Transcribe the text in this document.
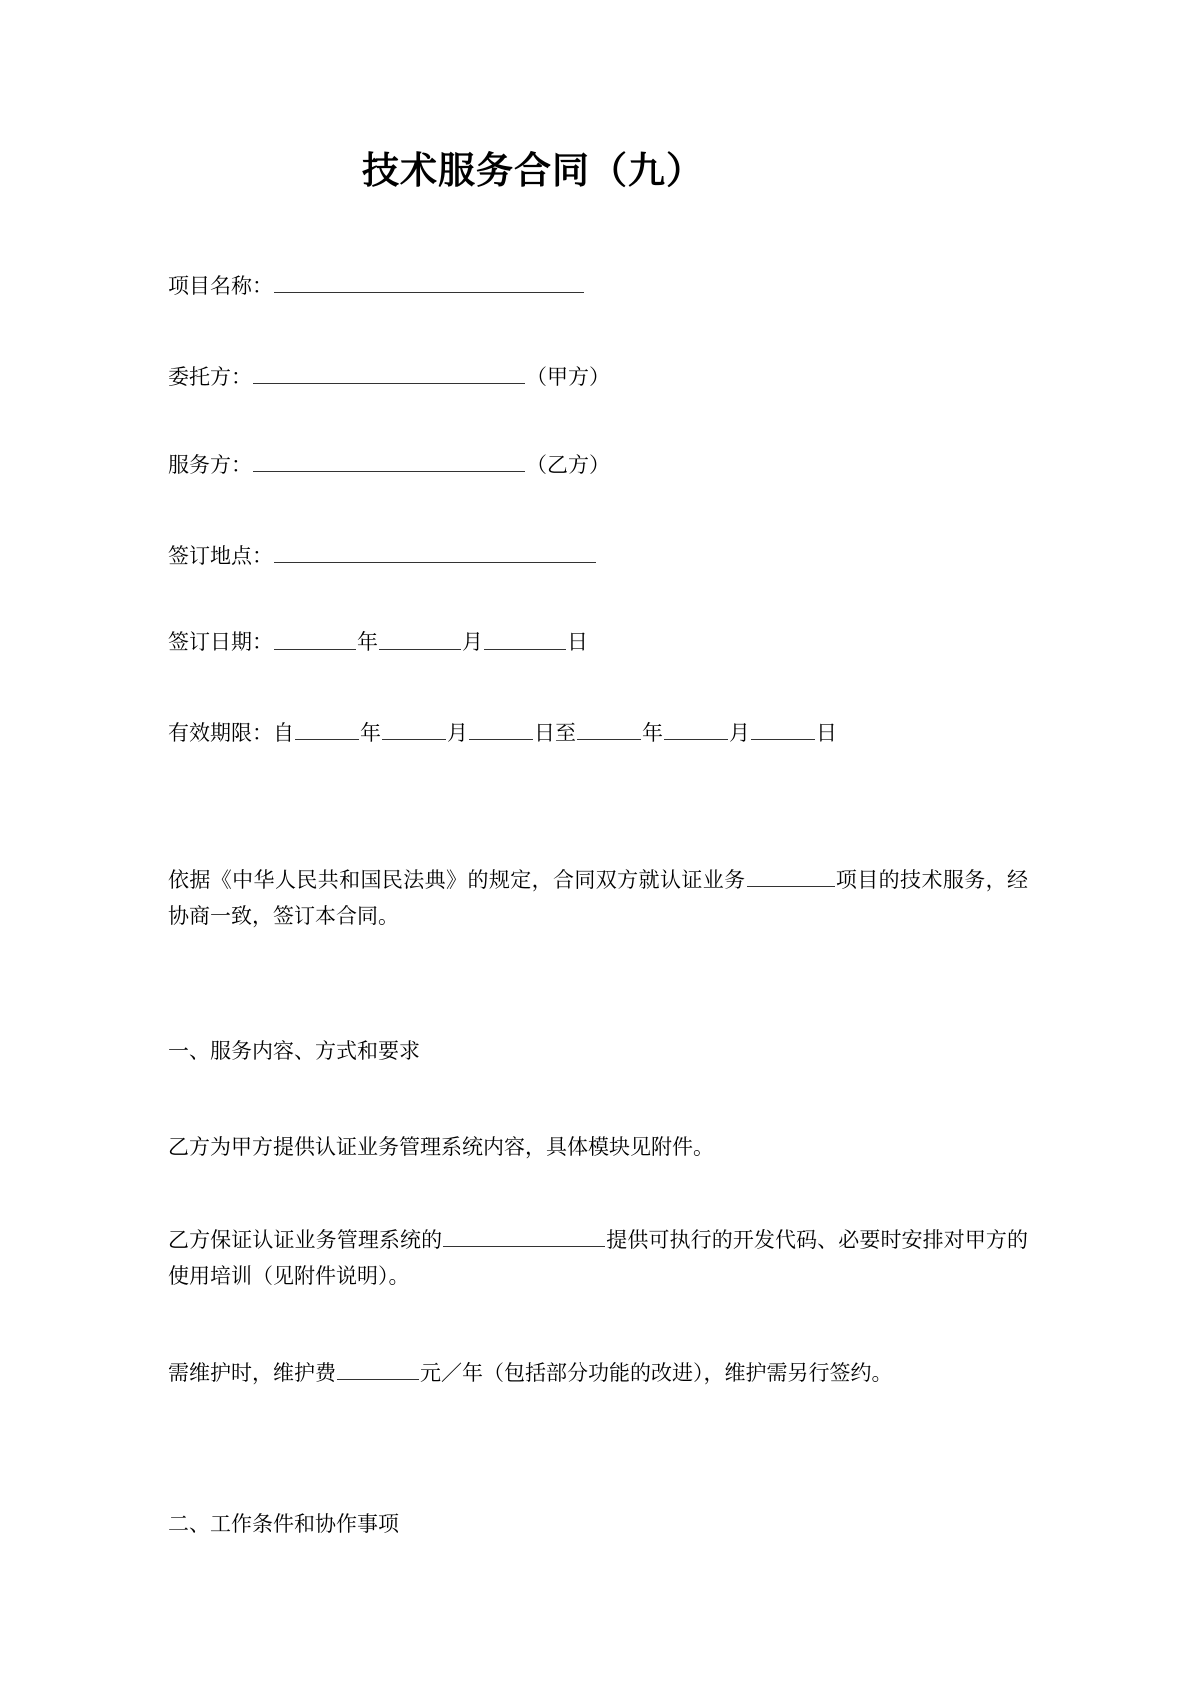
技术服务合同（九）

项目名称：

委托方：	（甲方）

服务方：	（乙方）

签订地点：

签订日期：	年	月	日

有效期限：自	年	月	日至	年	月	日

依据《中华人民共和国民法典》的规定，合同双方就认证业务	项目的技术服务，经协商一致，签订本合同。

一、服务内容、方式和要求

乙方为甲方提供认证业务管理系统内容，具体模块见附件。

乙方保证认证业务管理系统的	提供可执行的开发代码、必要时安排对甲方的使用培训（见附件说明）。

需维护时，维护费	元／年（包括部分功能的改进），维护需另行签约。

二、工作条件和协作事项
